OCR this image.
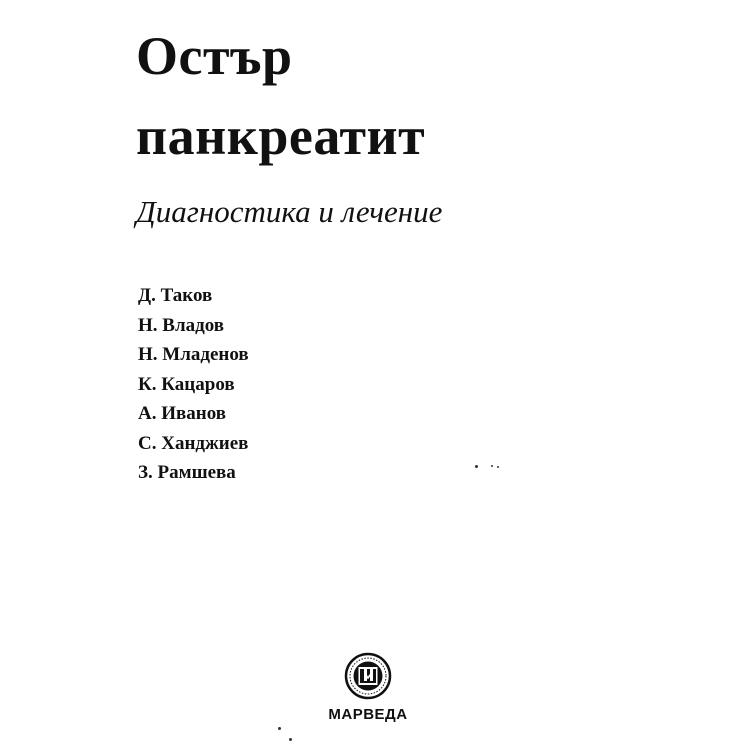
Остър
панкреатит
Диагностика и лечение
Д. Таков
Н. Владов
Н. Младенов
К. Кацаров
А. Иванов
С. Ханджиев
З. Рамшева
МАРВЕДА
